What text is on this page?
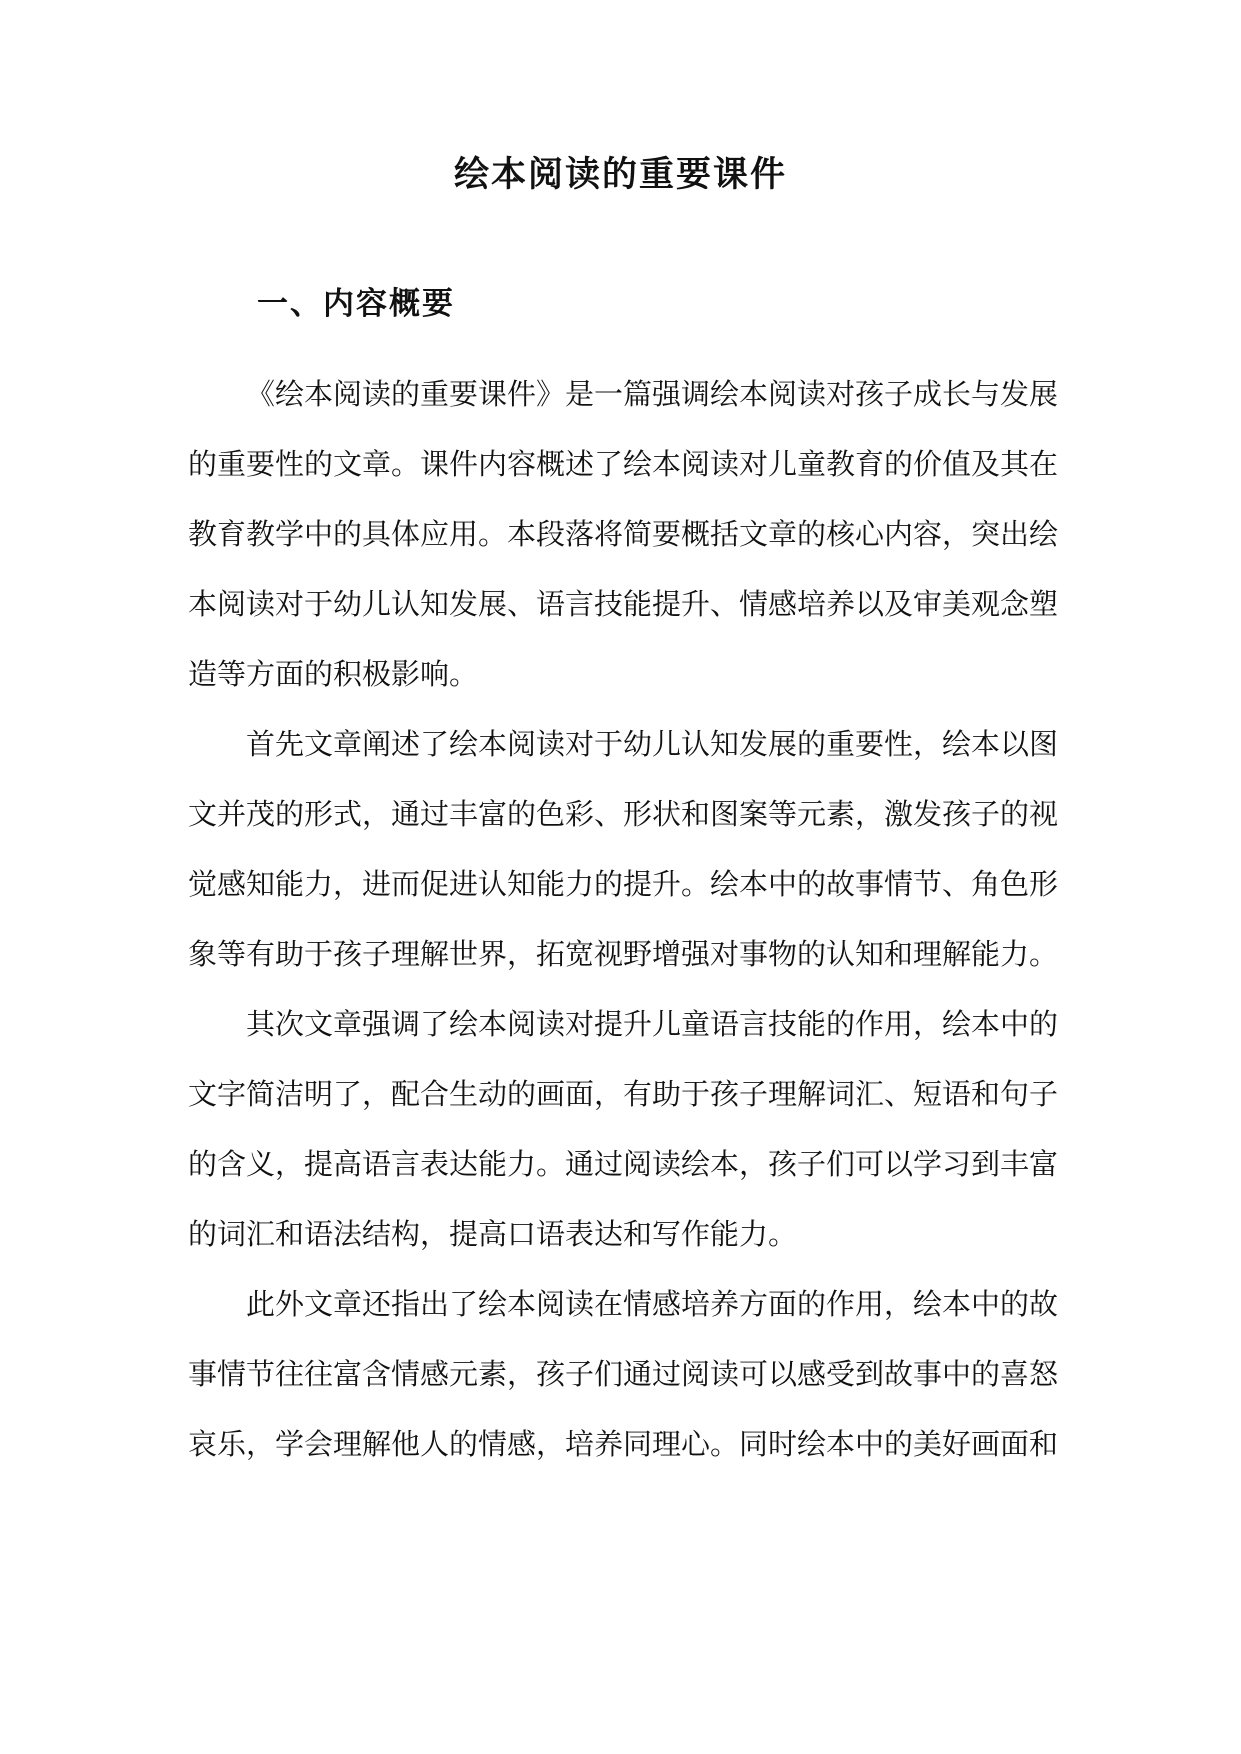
绘本阅读的重要课件
一、内容概要

《绘本阅读的重要课件》是一篇强调绘本阅读对孩子成长与发展

的重要性的文章。课件内容概述了绘本阅读对儿童教育的价值及其在

教育教学中的具体应用。本段落将简要概括文章的核心内容，突出绘

本阅读对于幼儿认知发展、语言技能提升、情感培养以及审美观念塑

造等方面的积极影响。

首先文章阐述了绘本阅读对于幼儿认知发展的重要性，绘本以图

文并茂的形式，通过丰富的色彩、形状和图案等元素，激发孩子的视

觉感知能力，进而促进认知能力的提升。绘本中的故事情节、角色形

象等有助于孩子理解世界，拓宽视野增强对事物的认知和理解能力。

其次文章强调了绘本阅读对提升儿童语言技能的作用，绘本中的

文字简洁明了，配合生动的画面，有助于孩子理解词汇、短语和句子

的含义，提高语言表达能力。通过阅读绘本，孩子们可以学习到丰富

的词汇和语法结构，提高口语表达和写作能力。

此外文章还指出了绘本阅读在情感培养方面的作用，绘本中的故

事情节往往富含情感元素，孩子们通过阅读可以感受到故事中的喜怒

哀乐，学会理解他人的情感，培养同理心。同时绘本中的美好画面和
